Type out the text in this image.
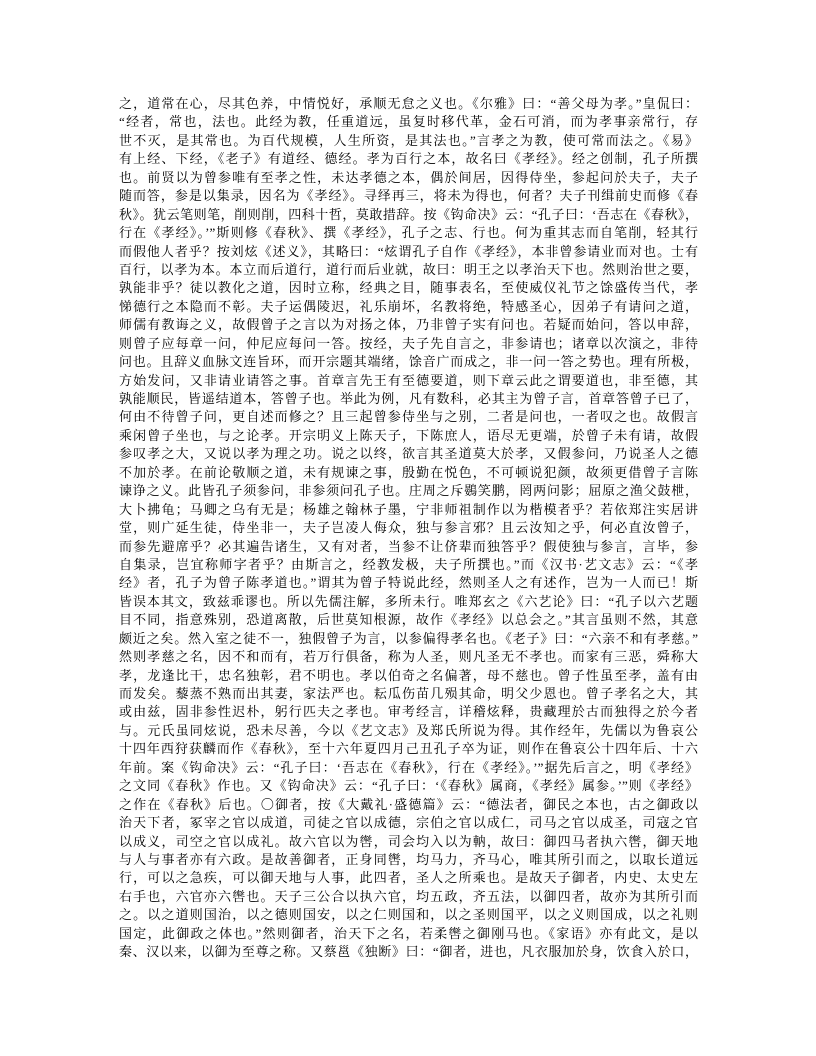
之，道常在心，尽其色养，中情悦好，承顺无怠之义也。《尔雅》曰：“善父母为孝。”皇侃曰：
“经者，常也，法也。此经为教，任重道远，虽复时移代革，金石可消，而为孝事亲常行，存
世不灭，是其常也。为百代规模，人生所资，是其法也。”言孝之为教，使可常而法之。《易》
有上经、下经，《老子》有道经、德经。孝为百行之本，故名曰《孝经》。经之创制，孔子所撰
也。前贤以为曾参唯有至孝之性，未达孝德之本，偶於间居，因得侍坐，参起问於夫子，夫子
随而答，参是以集录，因名为《孝经》。寻绎再三，将未为得也，何者？夫子刊缉前史而修《春
秋》。犹云笔则笔，削则削，四科十哲，莫敢措辞。按《钩命决》云：“孔子曰：‘吾志在《春秋》，
行在《孝经》。’”斯则修《春秋》、撰《孝经》，孔子之志、行也。何为重其志而自笔削，轻其行
而假他人者乎？按刘炫《述义》，其略曰：“炫谓孔子自作《孝经》，本非曾参请业而对也。士有
百行，以孝为本。本立而后道行，道行而后业就，故曰：明王之以孝治天下也。然则治世之要，
孰能非乎？徒以教化之道，因时立称，经典之目，随事表名，至使威仪礼节之馀盛传当代，孝
悌德行之本隐而不彰。夫子运偶陵迟，礼乐崩坏，名教将绝，特感圣心，因弟子有请问之道，
师儒有教诲之义，故假曾子之言以为对扬之体，乃非曾子实有问也。若疑而始问，答以申辞，
则曾子应每章一问，仲尼应每问一答。按经，夫子先自言之，非参请也；诸章以次演之，非待
问也。且辞义血脉文连旨环，而开宗题其端绪，馀音广而成之，非一问一答之势也。理有所极，
方始发问，又非请业请答之事。首章言先王有至德要道，则下章云此之谓要道也，非至德，其
孰能顺民，皆遥结道本，答曾子也。举此为例，凡有数科，必其主为曾子言，首章答曾子已了，
何由不待曾子问，更自述而修之？且三起曾参侍坐与之别，二者是问也，一者叹之也。故假言
乘闲曾子坐也，与之论孝。开宗明义上陈天子，下陈庶人，语尽无更端，於曾子未有请，故假
参叹孝之大，又说以孝为理之功。说之以终，欲言其圣道莫大於孝，又假参问，乃说圣人之德
不加於孝。在前论敬顺之道，未有规谏之事，殷勤在悦色，不可顿说犯颜，故须更借曾子言陈
谏诤之义。此皆孔子须参问，非参须问孔子也。庄周之斥鷃笑鹏，罔两问影；屈原之渔父鼓枻，
大卜拂龟；马卿之乌有无是；杨雄之翰林子墨，宁非师祖制作以为楷模者乎？若依郑注实居讲
堂，则广延生徒，侍坐非一，夫子岂凌人侮众，独与参言邪？且云汝知之乎，何必直汝曾子，
而参先避席乎？必其遍告诸生，又有对者，当参不让侪辈而独答乎？假使独与参言，言毕，参
自集录，岂宜称师字者乎？由斯言之，经教发极，夫子所撰也。”而《汉书·艺文志》云：“《孝
经》者，孔子为曾子陈孝道也。”谓其为曾子特说此经，然则圣人之有述作，岂为一人而已！斯
皆误本其文，致兹乖谬也。所以先儒注解，多所未行。唯郑玄之《六艺论》曰：“孔子以六艺题
目不同，指意殊别，恐道离散，后世莫知根源，故作《孝经》以总会之。”其言虽则不然，其意
颇近之矣。然入室之徒不一，独假曾子为言，以参偏得孝名也。《老子》曰：“六亲不和有孝慈。”
然则孝慈之名，因不和而有，若万行俱备，称为人圣，则凡圣无不孝也。而家有三恶，舜称大
孝，龙逢比干，忠名独彰，君不明也。孝以伯奇之名偏著，母不慈也。曾子性虽至孝，盖有由
而发矣。藜蒸不熟而出其妻，家法严也。耘瓜伤苗几殒其命，明父少恩也。曾子孝名之大，其
或由兹，固非参性迟朴，躬行匹夫之孝也。审考经言，详稽炫释，贵藏理於古而独得之於今者
与。元氏虽同炫说，恐未尽善，今以《艺文志》及郑氏所说为得。其作经年，先儒以为鲁哀公
十四年西狩获麟而作《春秋》，至十六年夏四月己丑孔子卒为证，则作在鲁哀公十四年后、十六
年前。案《钩命决》云：“孔子曰：‘吾志在《春秋》，行在《孝经》。’”据先后言之，明《孝经》
之文同《春秋》作也。又《钩命决》云：“孔子曰：‘《春秋》属商，《孝经》属参。’”则《孝经》
之作在《春秋》后也。〇御者，按《大戴礼·盛德篇》云：“德法者，御民之本也，古之御政以
治天下者，冢宰之官以成道，司徒之官以成德，宗伯之官以成仁，司马之官以成圣，司寇之官
以成义，司空之官以成礼。故六官以为辔，司会均入以为軜，故曰：御四马者执六辔，御天地
与人与事者亦有六政。是故善御者，正身同辔，均马力，齐马心，唯其所引而之，以取长道远
行，可以之急疾，可以御天地与人事，此四者，圣人之所乘也。是故天子御者，内史、太史左
右手也，六官亦六辔也。天子三公合以执六官，均五政，齐五法，以御四者，故亦为其所引而
之。以之道则国治，以之德则国安，以之仁则国和，以之圣则国平，以之义则国成，以之礼则
国定，此御政之体也。”然则御者，治天下之名，若柔辔之御刚马也。《家语》亦有此文，是以
秦、汉以来，以御为至尊之称。又蔡邕《独断》曰：“御者，进也，凡衣服加於身，饮食入於口，
